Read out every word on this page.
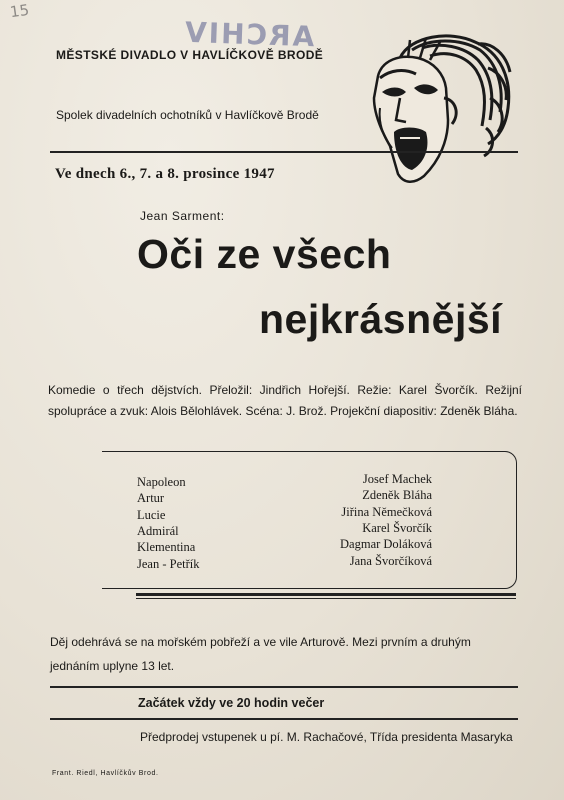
15
ARCHIV
MĚSTSKÉ DIVADLO V HAVLÍČKOVĚ BRODĚ
Spolek divadelních ochotníků v Havlíčkově Brodě
Ve dnech 6., 7. a 8. prosince 1947
Jean Sarment:
Oči ze všech
nejkrásnější
Komedie o třech dějstvích. Přeložil: Jindřich Hořejší. Režie: Karel Švorčík. Režijní spolupráce a zvuk: Alois Bělohlávek. Scéna: J. Brož. Projekční diapositiv: Zdeněk Bláha.
Napoleon	Josef Machek
Artur	Zdeněk Bláha
Lucie	Jiřina Němečková
Admirál	Karel Švorčík
Klementina	Dagmar Doláková
Jean - Petřík	Jana Švorčíková
Děj odehrává se na mořském pobřeží a ve vile Arturově. Mezi prvním a druhým jednáním uplyne 13 let.
Začátek vždy ve 20 hodin večer
Předprodej vstupenek u pí. M. Rachačové, Třída presidenta Masaryka
Frant. Riedl, Havlíčkův Brod.
